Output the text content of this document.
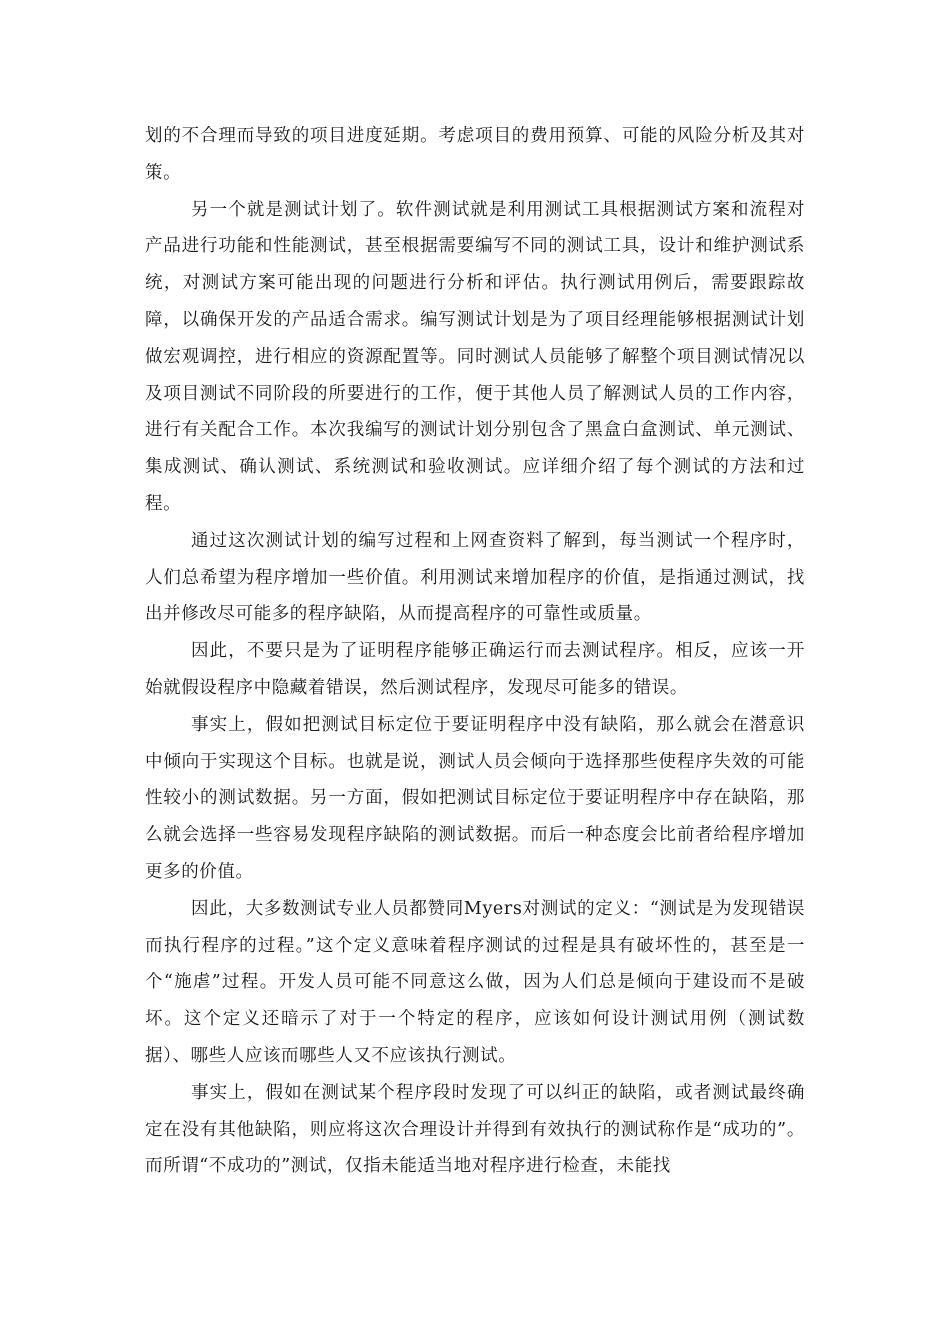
划的不合理而导致的项目进度延期。考虑项目的费用预算、可能的风险分析及其对策。

另一个就是测试计划了。软件测试就是利用测试工具根据测试方案和流程对产品进行功能和性能测试，甚至根据需要编写不同的测试工具，设计和维护测试系统，对测试方案可能出现的问题进行分析和评估。执行测试用例后，需要跟踪故障，以确保开发的产品适合需求。编写测试计划是为了项目经理能够根据测试计划做宏观调控，进行相应的资源配置等。同时测试人员能够了解整个项目测试情况以及项目测试不同阶段的所要进行的工作，便于其他人员了解测试人员的工作内容，进行有关配合工作。本次我编写的测试计划分别包含了黑盒白盒测试、单元测试、集成测试、确认测试、系统测试和验收测试。应详细介绍了每个测试的方法和过程。

通过这次测试计划的编写过程和上网查资料了解到，每当测试一个程序时，人们总希望为程序增加一些价值。利用测试来增加程序的价值，是指通过测试，找出并修改尽可能多的程序缺陷，从而提高程序的可靠性或质量。

因此，不要只是为了证明程序能够正确运行而去测试程序。相反，应该一开始就假设程序中隐藏着错误，然后测试程序，发现尽可能多的错误。

事实上，假如把测试目标定位于要证明程序中没有缺陷，那么就会在潜意识中倾向于实现这个目标。也就是说，测试人员会倾向于选择那些使程序失效的可能性较小的测试数据。另一方面，假如把测试目标定位于要证明程序中存在缺陷，那么就会选择一些容易发现程序缺陷的测试数据。而后一种态度会比前者给程序增加更多的价值。

因此，大多数测试专业人员都赞同Myers对测试的定义：“测试是为发现错误而执行程序的过程。”这个定义意味着程序测试的过程是具有破坏性的，甚至是一个“施虐”过程。开发人员可能不同意这么做，因为人们总是倾向于建设而不是破坏。这个定义还暗示了对于一个特定的程序，应该如何设计测试用例（测试数据）、哪些人应该而哪些人又不应该执行测试。

事实上，假如在测试某个程序段时发现了可以纠正的缺陷，或者测试最终确定在没有其他缺陷，则应将这次合理设计并得到有效执行的测试称作是“成功的”。而所谓“不成功的”测试，仅指未能适当地对程序进行检查，未能找
